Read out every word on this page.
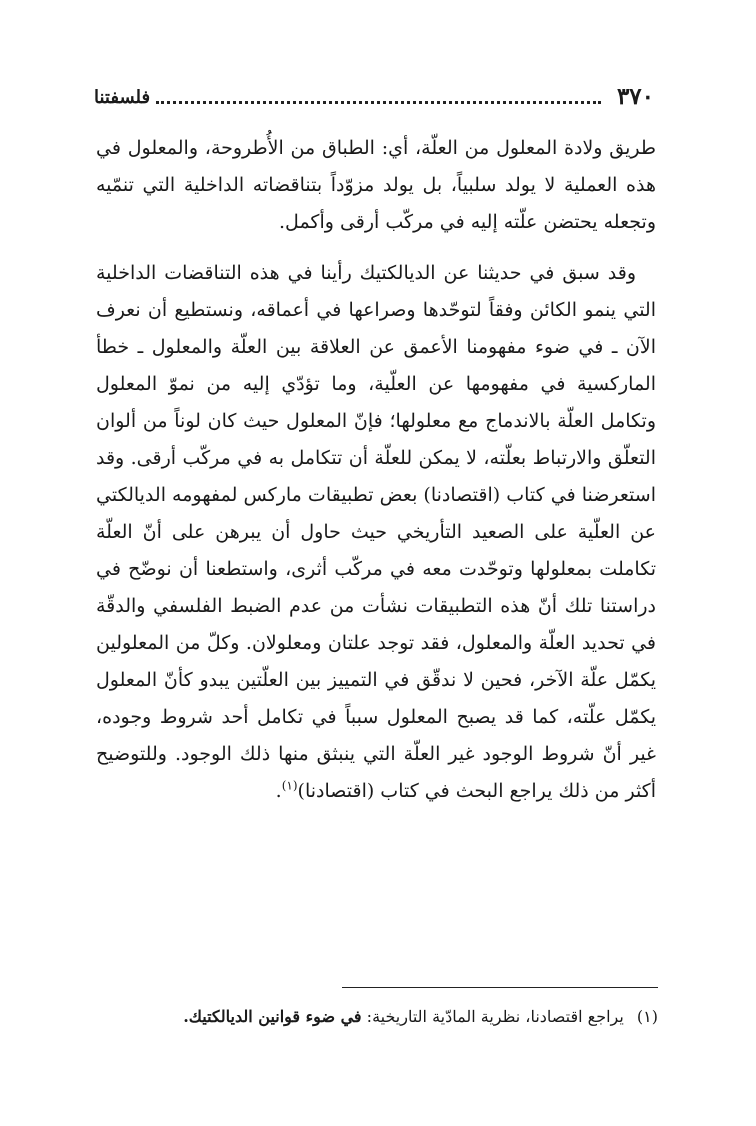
٣٧٠
فلسفتنا

طريق ولادة المعلول من العلّة، أي: الطباق من الأُطروحة، والمعلول في هذه العملية لا يولد سلبياً، بل يولد مزوّداً بتناقضاته الداخلية التي تنمّيه وتجعله يحتضن علّته إليه في مركّب أرقى وأكمل.

وقد سبق في حديثنا عن الديالكتيك رأينا في هذه التناقضات الداخلية التي ينمو الكائن وفقاً لتوحّدها وصراعها في أعماقه، ونستطيع أن نعرف الآن ـ في ضوء مفهومنا الأعمق عن العلاقة بين العلّة والمعلول ـ خطأ الماركسية في مفهومها عن العلّية، وما تؤدّي إليه من نموّ المعلول وتكامل العلّة بالاندماج مع معلولها؛ فإنّ المعلول حيث كان لوناً من ألوان التعلّق والارتباط بعلّته، لا يمكن للعلّة أن تتكامل به في مركّب أرقى. وقد استعرضنا في كتاب (اقتصادنا) بعض تطبيقات ماركس لمفهومه الديالكتي عن العلّية على الصعيد التأريخي حيث حاول أن يبرهن على أنّ العلّة تكاملت بمعلولها وتوحّدت معه في مركّب أثرى، واستطعنا أن نوضّح في دراستنا تلك أنّ هذه التطبيقات نشأت من عدم الضبط الفلسفي والدقّة في تحديد العلّة والمعلول، فقد توجد علتان ومعلولان. وكلّ من المعلولين يكمّل علّة الآخر، فحين لا ندقّق في التمييز بين العلّتين يبدو كأنّ المعلول يكمّل علّته، كما قد يصبح المعلول سبباً في تكامل أحد شروط وجوده، غير أنّ شروط الوجود غير العلّة التي ينبثق منها ذلك الوجود. وللتوضيح أكثر من ذلك يراجع البحث في كتاب (اقتصادنا)$^{(١)}$.

(١) يراجع اقتصادنا، نظرية المادّية التاريخية: في ضوء قوانين الديالكتيك.
